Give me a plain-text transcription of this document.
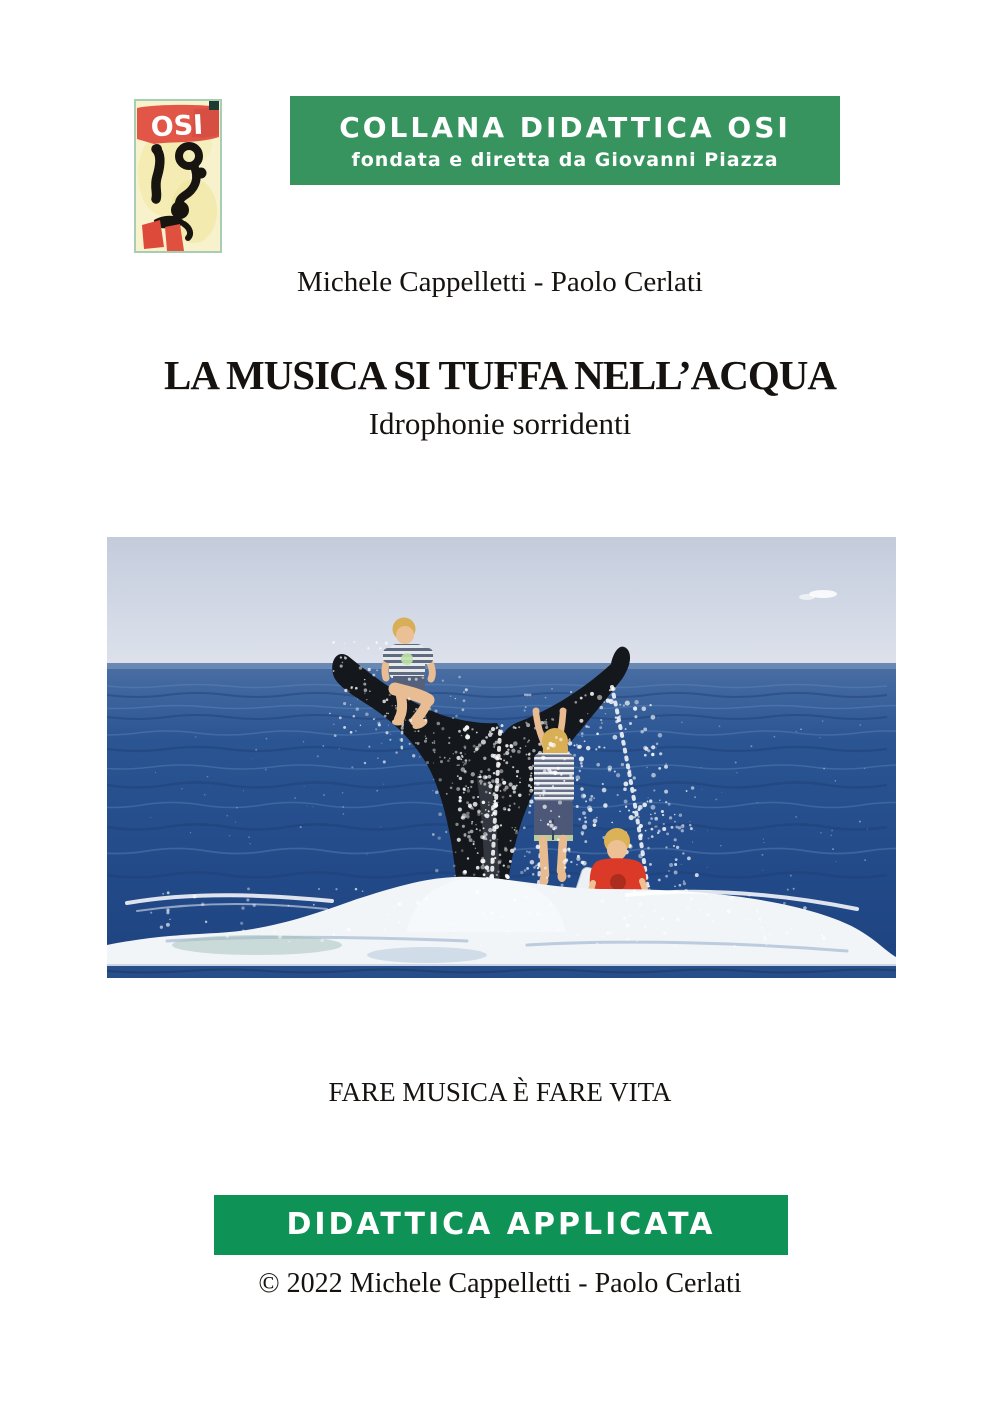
OSI	COLLANA DIDATTICA OSI
fondata e diretta da Giovanni Piazza
Michele Cappelletti - Paolo Cerlati
LA MUSICA SI TUFFA NELL’ACQUA
Idrophonie sorridenti
FARE MUSICA È FARE VITA
DIDATTICA APPLICATA
© 2022 Michele Cappelletti - Paolo Cerlati
